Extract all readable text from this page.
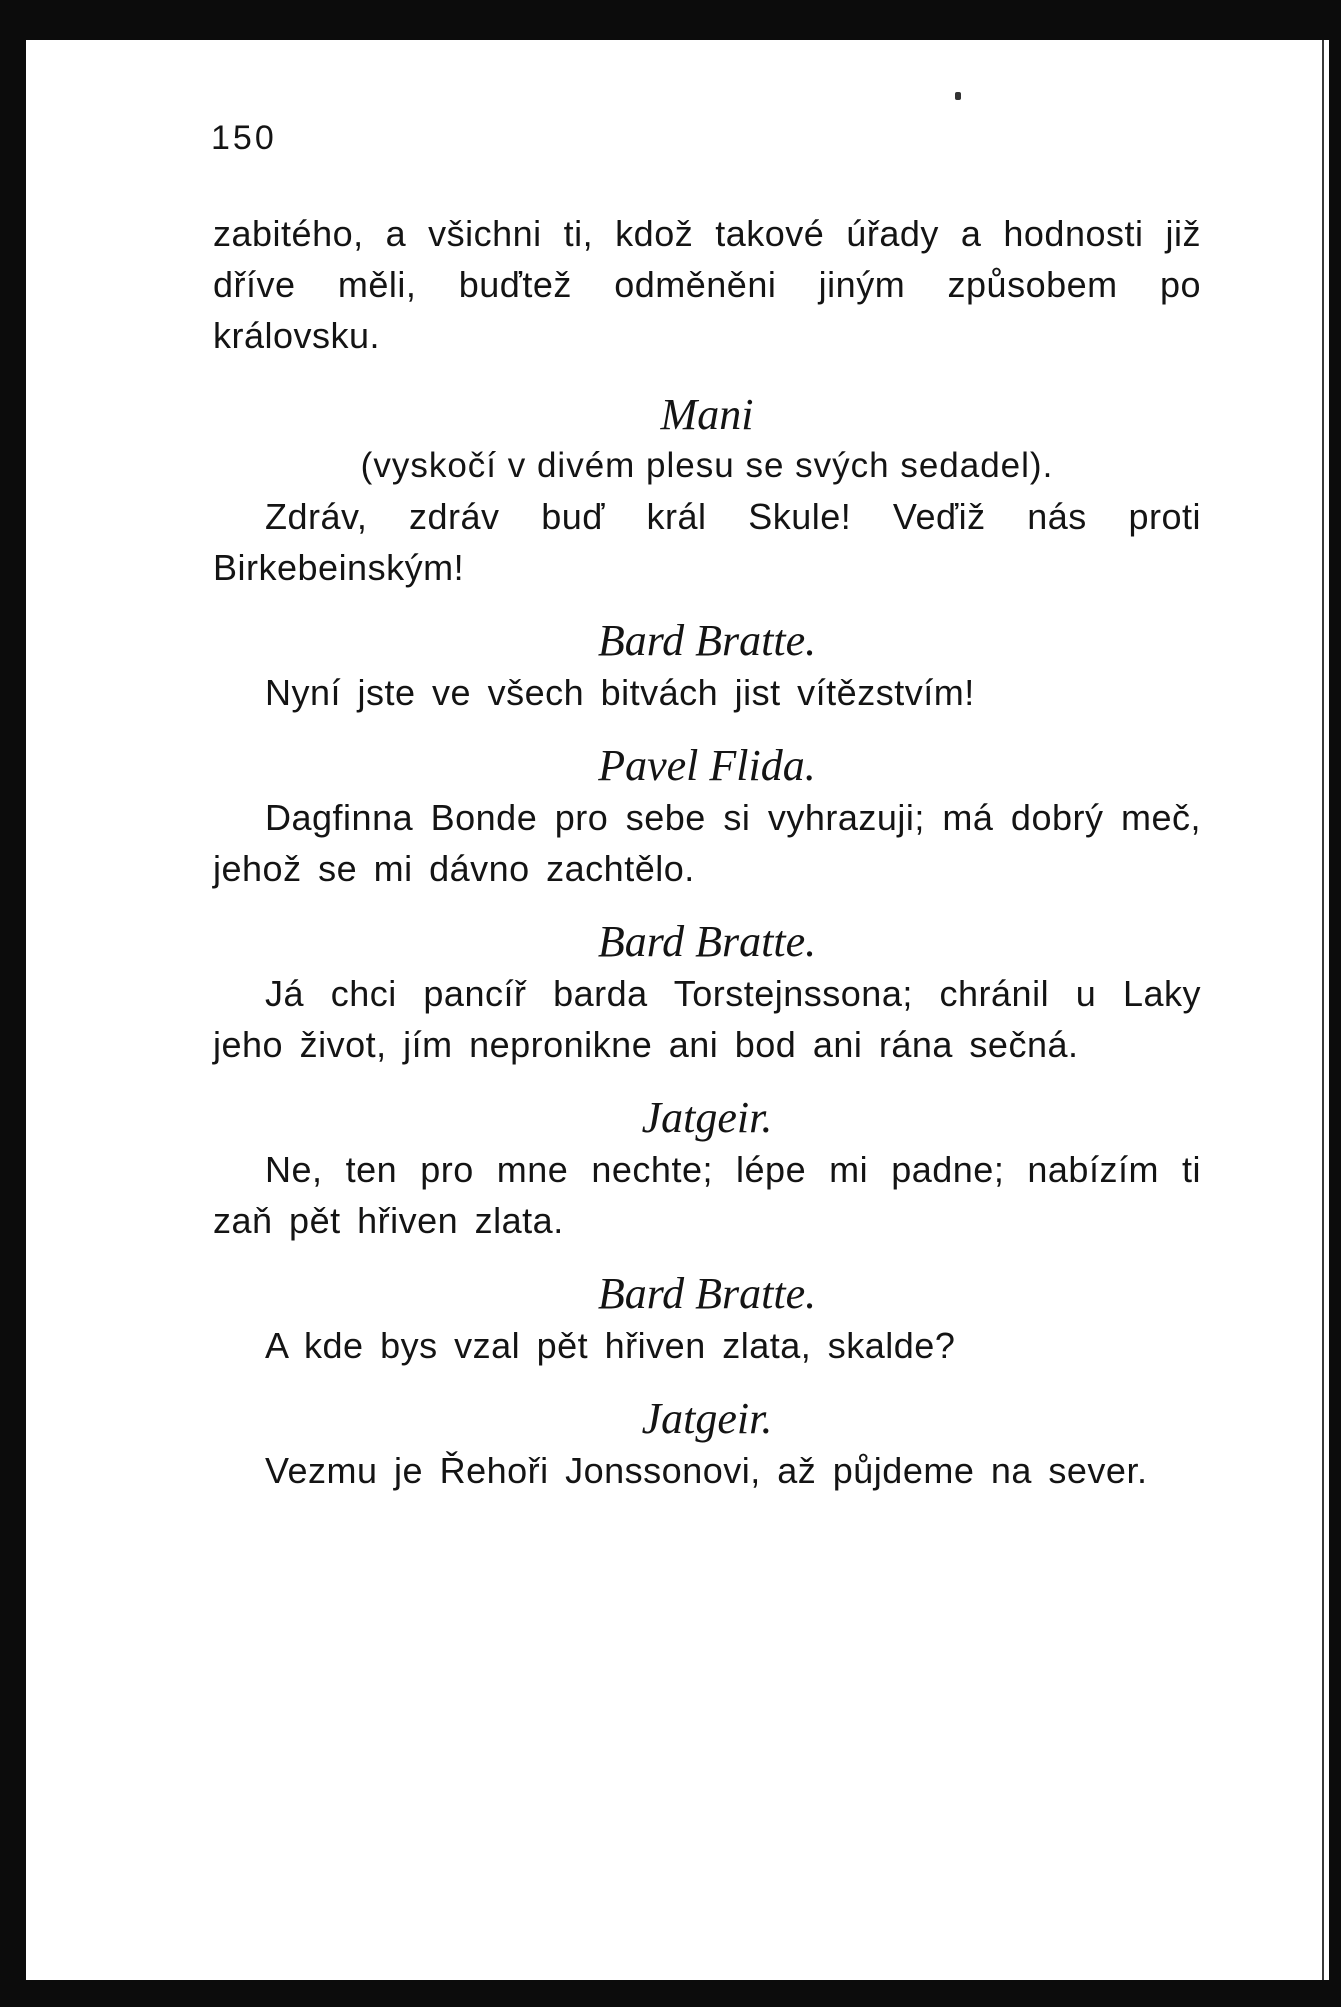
150

zabitého, a všichni ti, kdož takové úřady a hodnosti již dříve měli, buďtež odměněni jiným způsobem po královsku.

Mani

(vyskočí v divém plesu se svých sedadel).

Zdráv, zdráv buď král Skule! Veďiž nás proti Birkebeinským!

Bard Bratte.

Nyní jste ve všech bitvách jist vítězstvím!

Pavel Flida.

Dagfinna Bonde pro sebe si vyhrazuji; má dobrý meč, jehož se mi dávno zachtělo.

Bard Bratte.

Já chci pancíř barda Torstejnssona; chránil u Laky jeho život, jím nepronikne ani bod ani rána sečná.

Jatgeir.

Ne, ten pro mne nechte; lépe mi padne; nabízím ti zaň pět hřiven zlata.

Bard Bratte.

A kde bys vzal pět hřiven zlata, skalde?

Jatgeir.

Vezmu je Řehoři Jonssonovi, až půjdeme na sever.
